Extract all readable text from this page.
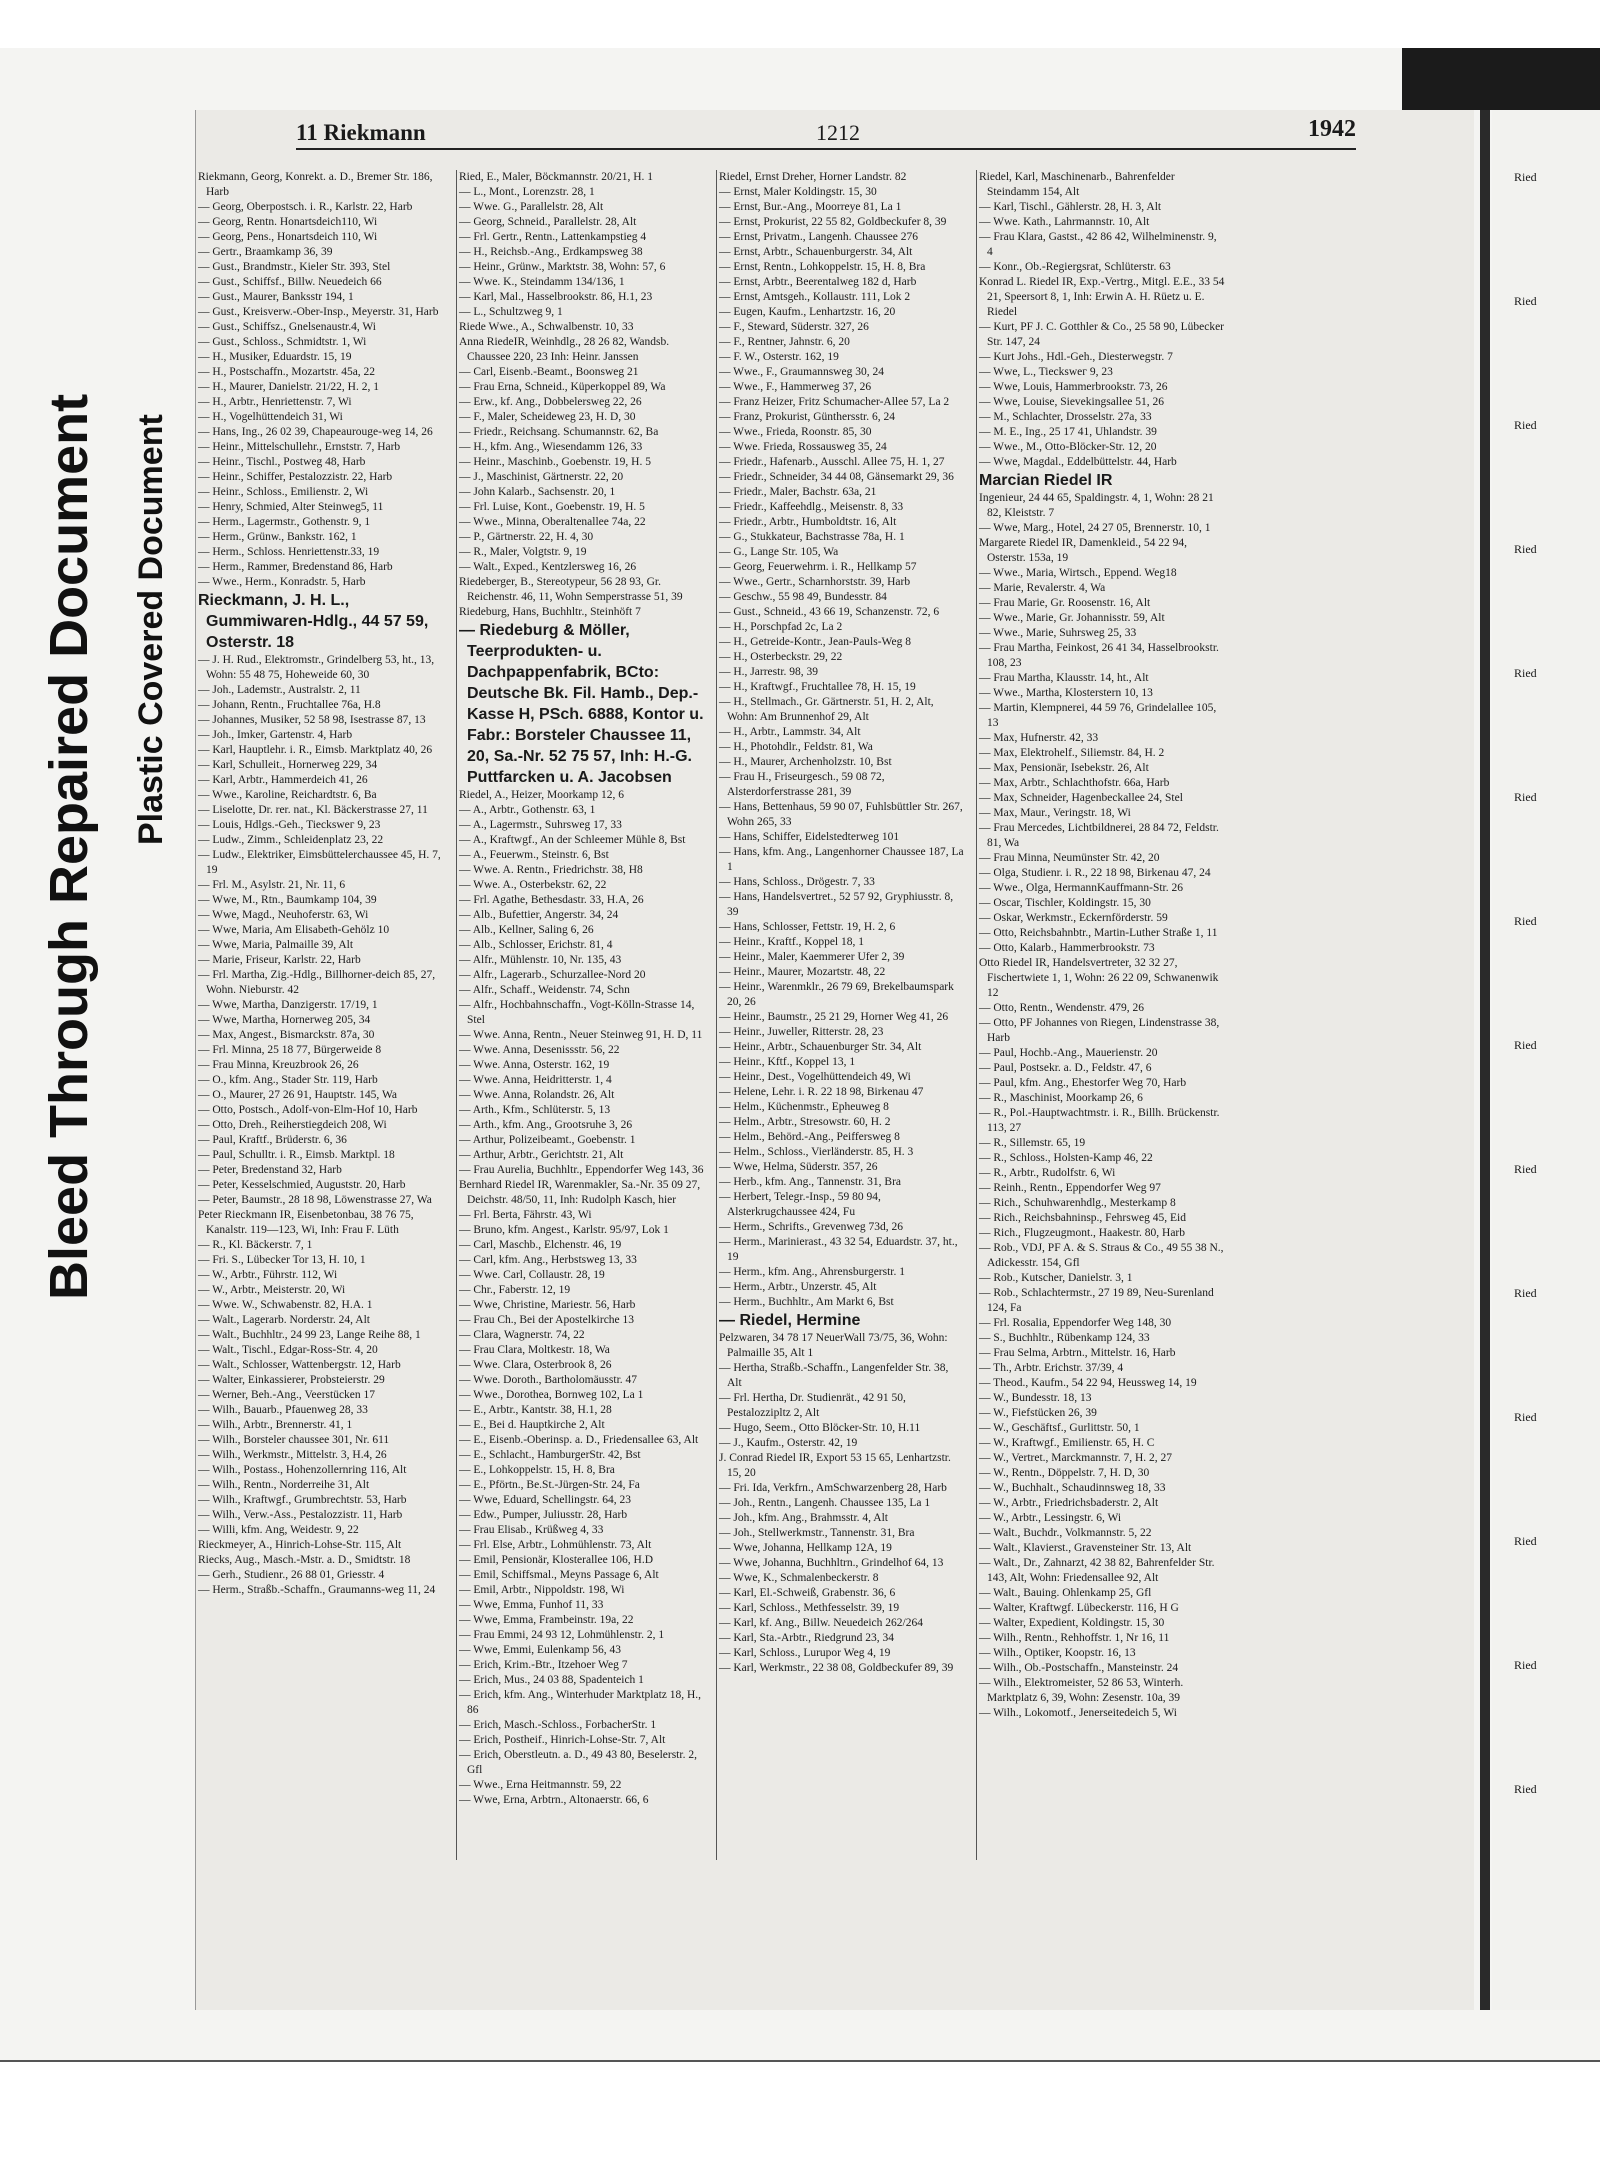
Bleed Through Repaired Document Plastic Covered Document
11 Riekmann	1212	1942
Riekmann, Georg, Konrekt. a. D., Bremer Str. 186, Harb
— Georg, Oberpostsch. i. R., Karlstr. 22, Harb
— Georg, Rentn. Honartsdeich110, Wi
— Georg, Pens., Honartsdeich 110, Wi
— Gertr., Braamkamp 36, 39
— Gust., Brandmstr., Kieler Str. 393, Stel
— Gust., Schiffsf., Billw. Neuedeich 66
— Gust., Maurer, Banksstr 194, 1
— Gust., Kreisverw.-Ober-Insp., Meyerstr. 31, Harb
— Gust., Schiffsz., Gnelsenaustr.4, Wi
— Gust., Schloss., Schmidtstr. 1, Wi
— H., Musiker, Eduardstr. 15, 19
— H., Postschaffn., Mozartstr. 45a, 22
— H., Maurer, Danielstr. 21/22, H. 2, 1
— H., Arbtr., Henriettenstr. 7, Wi
— H., Vogelhüttendeich 31, Wi
— Hans, Ing., 26 02 39, Chapeaurouge-weg 14, 26
— Heinr., Mittelschullehr., Ernststr. 7, Harb
— Heinr., Tischl., Postweg 48, Harb
— Heinr., Schiffer, Pestalozzistr. 22, Harb
— Heinr., Schloss., Emilienstr. 2, Wi
— Henry, Schmied, Alter Steinweg5, 11
— Herm., Lagermstr., Gothenstr. 9, 1
— Herm., Grünw., Bankstr. 162, 1
— Herm., Schloss. Henriettenstr.33, 19
— Herm., Rammer, Bredenstand 86, Harb
— Wwe., Herm., Konradstr. 5, Harb
Rieckmann, J. H. L., Gummiwaren-Hdlg., 44 57 59, Osterstr. 18
— J. H. Rud., Elektromstr., Grindelberg 53, ht., 13, Wohn: 55 48 75, Hoheweide 60, 30
— Joh., Lademstr., Australstr. 2, 11
— Johann, Rentn., Fruchtallee 76a, H.8
— Johannes, Musiker, 52 58 98, Isestrasse 87, 13
— Joh., Imker, Gartenstr. 4, Harb
— Karl, Hauptlehr. i. R., Eimsb. Marktplatz 40, 26
— Karl, Schulleit., Hornerweg 229, 34
— Karl, Arbtr., Hammerdeich 41, 26
— Wwe., Karoline, Reichardtstr. 6, Ba
— Liselotte, Dr. rer. nat., Kl. Bäckerstrasse 27, 11
— Louis, Hdlgs.-Geh., Tieckswег 9, 23
— Ludw., Zimm., Schleidenplatz 23, 22
— Ludw., Elektriker, Eimsbüttelerchaussee 45, H. 7, 19
— Frl. M., Asylstr. 21, Nr. 11, 6
— Wwe, M., Rtn., Baumkamp 104, 39
— Wwe, Magd., Neuhoferstr. 63, Wi
— Wwe, Maria, Am Elisabeth-Gehölz 10
— Wwe, Maria, Palmaille 39, Alt
— Marie, Friseur, Karlstr. 22, Harb
— Frl. Martha, Zig.-Hdlg., Billhorner-deich 85, 27, Wohn. Nieburstr. 42
— Wwe, Martha, Danzigerstr. 17/19, 1
— Wwe, Martha, Hornerweg 205, 34
— Max, Angest., Bismarckstr. 87a, 30
— Frl. Minna, 25 18 77, Bürgerweide 8
— Frau Minna, Kreuzbrook 26, 26
— O., kfm. Ang., Stader Str. 119, Harb
— O., Maurer, 27 26 91, Hauptstr. 145, Wa
— Otto, Postsch., Adolf-von-Elm-Hof 10, Harb
— Otto, Dreh., Reiherstiegdeich 208, Wi
— Paul, Kraftf., Brüderstr. 6, 36
— Paul, Schulltr. i. R., Eimsb. Marktpl. 18
— Peter, Bredenstand 32, Harb
— Peter, Kesselschmied, Auguststr. 20, Harb
— Peter, Baumstr., 28 18 98, Löwenstrasse 27, Wa
Peter Rieckmann IR, Eisenbetonbau, 38 76 75, Kanalstr. 119—123, Wi, Inh: Frau F. Lüth
— R., Kl. Bäckerstr. 7, 1
— Fri. S., Lübecker Tor 13, H. 10, 1
— W., Arbtr., Führstr. 112, Wi
— W., Arbtr., Meisterstr. 20, Wi
— Wwe. W., Schwabenstr. 82, H.A. 1
— Walt., Lagerarb. Norderstr. 24, Alt
— Walt., Buchhltr., 24 99 23, Lange Reihe 88, 1
— Walt., Tischl., Edgar-Ross-Str. 4, 20
— Walt., Schlosser, Wattenbergstr. 12, Harb
— Walter, Einkassierer, Probsteierstr. 29
— Werner, Beh.-Ang., Veerstücken 17
— Wilh., Bauarb., Pfauenweg 28, 33
— Wilh., Arbtr., Brennerstr. 41, 1
— Wilh., Borsteler chaussee 301, Nr. 611
— Wilh., Werkmstr., Mittelstr. 3, H.4, 26
— Wilh., Postass., Hohenzollernring 116, Alt
— Wilh., Rentn., Norderreihe 31, Alt
— Wilh., Kraftwgf., Grumbrechtstr. 53, Harb
— Wilh., Verw.-Ass., Pestalozzistr. 11, Harb
— Willi, kfm. Ang, Weidestr. 9, 22
Rieckmeyer, A., Hinrich-Lohse-Str. 115, Alt
Riecks, Aug., Masch.-Mstr. a. D., Smidtstr. 18
— Gerh., Studienr., 26 88 01, Griesstr. 4
— Herm., Straßb.-Schaffn., Graumanns-weg 11, 24
Ried, E., Maler, Böckmannstr. 20/21, H. 1
— L., Mont., Lorenzstr. 28, 1
— Wwe. G., Parallelstr. 28, Alt
— Georg, Schneid., Parallelstr. 28, Alt
— Frl. Gertr., Rentn., Lattenkampstieg 4
— H., Reichsb.-Ang., Erdkampsweg 38
— Heinr., Grünw., Marktstr. 38, Wohn: 57, 6
— Wwe. K., Steindamm 134/136, 1
— Karl, Mal., Hasselbrookstr. 86, H.1, 23
— L., Schultzweg 9, 1
Riede Wwe., A., Schwalbenstr. 10, 33
Anna RiedeIR, Weinhdlg., 28 26 82, Wandsb. Chaussee 220, 23 Inh: Heinr. Janssen
— Carl, Eisenb.-Beamt., Boonsweg 21
— Frau Erna, Schneid., Küperkoppel 89, Wa
— Erw., kf. Ang., Dobbelersweg 22, 26
— F., Maler, Scheideweg 23, H. D, 30
— Friedr., Reichsang. Schumannstr. 62, Ba
— H., kfm. Ang., Wiesendamm 126, 33
— Heinr., Maschinb., Goebenstr. 19, H. 5
— J., Maschinist, Gärtnerstr. 22, 20
— John Kalarb., Sachsenstr. 20, 1
— Frl. Luise, Kont., Goebenstr. 19, H. 5
— Wwe., Minna, Oberaltenallee 74a, 22
— P., Gärtnerstr. 22, H. 4, 30
— R., Maler, Volgtstr. 9, 19
— Walt., Exped., Kentzlersweg 16, 26
Riedeberger, B., Stereotypeur, 56 28 93, Gr. Reichenstr. 46, 11, Wohn Semperstrasse 51, 39
Riedeburg, Hans, Buchhltr., Steinhöft 7
— Riedeburg & Möller, Teerprodukten- u. Dachpappenfabrik, BCto: Deutsche Bk. Fil. Hamb., Dep.-Kasse H, PSch. 6888, Kontor u. Fabr.: Borsteler Chaussee 11, 20, Sa.-Nr. 52 75 57, Inh: H.-G. Puttfarcken u. A. Jacobsen
Riedel, A., Heizer, Moorkamp 12, 6
— A., Arbtr., Gothenstr. 63, 1
— A., Lagermstr., Suhrsweg 17, 33
— A., Kraftwgf., An der Schleemer Mühle 8, Bst
— A., Feuerwm., Steinstr. 6, Bst
— Wwe. A. Rentn., Friedrichstr. 38, H8
— Wwe. A., Osterbekstr. 62, 22
— Frl. Agathe, Bethesdastr. 33, H.A, 26
— Alb., Bufettier, Angerstr. 34, 24
— Alb., Kellner, Saling 6, 26
— Alb., Schlosser, Erichstr. 81, 4
— Alfr., Mühlenstr. 10, Nr. 135, 43
— Alfr., Lagerarb., Schurzallee-Nord 20
— Alfr., Schaff., Weidenstr. 74, Schn
— Alfr., Hochbahnschaffn., Vogt-Kölln-Strasse 14, Stel
— Wwe. Anna, Rentn., Neuer Steinweg 91, H. D, 11
— Wwe. Anna, Desenissstr. 56, 22
— Wwe. Anna, Osterstr. 162, 19
— Wwe. Anna, Heidritterstr. 1, 4
— Wwe. Anna, Rolandstr. 26, Alt
— Arth., Kfm., Schlüterstr. 5, 13
— Arth., kfm. Ang., Grootsruhe 3, 26
— Arthur, Polizeibeamt., Goebenstr. 1
— Arthur, Arbtr., Gerichtstr. 21, Alt
— Frau Aurelia, Buchhltr., Eppendorfer Weg 143, 36
Bernhard Riedel IR, Warenmakler, Sa.-Nr. 35 09 27, Deichstr. 48/50, 11, Inh: Rudolph Kasch, hier
— Frl. Berta, Fährstr. 43, Wi
— Bruno, kfm. Angest., Karlstr. 95/97, Lok 1
— Carl, Maschb., Elchenstr. 46, 19
— Carl, kfm. Ang., Herbstsweg 13, 33
— Wwe. Carl, Collaustr. 28, 19
— Chr., Faberstr. 12, 19
— Wwe, Christine, Mariestr. 56, Harb
— Frau Ch., Bei der Apostelkirche 13
— Clara, Wagnerstr. 74, 22
— Frau Clara, Moltkestr. 18, Wa
— Wwe. Clara, Osterbrook 8, 26
— Wwe. Doroth., Bartholomäusstr. 47
— Wwe., Dorothea, Bornweg 102, La 1
— E., Arbtr., Kantstr. 38, H.1, 28
— E., Bei d. Hauptkirche 2, Alt
— E., Eisenb.-Oberinsp. a. D., Friedensallee 63, Alt
— E., Schlacht., HamburgerStr. 42, Bst
— E., Lohkoppelstr. 15, H. 8, Bra
— E., Pförtn., Be.St.-Jürgen-Str. 24, Fa
— Wwe, Eduard, Schellingstr. 64, 23
— Edw., Pumper, Juliusstr. 28, Harb
— Frau Elisab., Krüßweg 4, 33
— Frl. Else, Arbtr., Lohmühlenstr. 73, Alt
— Emil, Pensionär, Klosterallee 106, H.D
— Emil, Schiffsmal., Meyns Passage 6, Alt
— Emil, Arbtr., Nippoldstr. 198, Wi
— Wwe, Emma, Funhof 11, 33
— Wwe, Emma, Frambeinstr. 19a, 22
— Frau Emmi, 24 93 12, Lohmühlenstr. 2, 1
— Wwe, Emmi, Eulenkamp 56, 43
— Erich, Krim.-Btr., Itzehoer Weg 7
— Erich, Mus., 24 03 88, Spadenteich 1
— Erich, kfm. Ang., Winterhuder Marktplatz 18, H., 86
— Erich, Masch.-Schloss., ForbacherStr. 1
— Erich, Postheif., Hinrich-Lohse-Str. 7, Alt
— Erich, Oberstleutn. a. D., 49 43 80, Beselerstr. 2, Gfl
— Wwe., Erna Heitmannstr. 59, 22
— Wwe, Erna, Arbtrn., Altonaerstr. 66, 6
Riedel, Ernst Dreher, Horner Landstr. 82
— Ernst, Maler Koldingstr. 15, 30
— Ernst, Bur.-Ang., Moorreye 81, La 1
— Ernst, Prokurist, 22 55 82, Goldbeckufer 8, 39
— Ernst, Privatm., Langenh. Chaussee 276
— Ernst, Arbtr., Schauenburgerstr. 34, Alt
— Ernst, Rentn., Lohkoppelstr. 15, H. 8, Bra
— Ernst, Arbtr., Beerentalweg 182 d, Harb
— Ernst, Amtsgeh., Kollaustr. 111, Lok 2
— Eugen, Kaufm., Lenhartzstr. 16, 20
— F., Steward, Süderstr. 327, 26
— F., Rentner, Jahnstr. 6, 20
— F. W., Osterstr. 162, 19
— Wwe., F., Graumannsweg 30, 24
— Wwe., F., Hammerweg 37, 26
— Franz Heizer, Fritz Schumacher-Allee 57, La 2
— Franz, Prokurist, Günthersstr. 6, 24
— Wwe., Frieda, Roonstr. 85, 30
— Wwe. Frieda, Rossausweg 35, 24
— Friedr., Hafenarb., Ausschl. Allee 75, H. 1, 27
— Friedr., Schneider, 34 44 08, Gänsemarkt 29, 36
— Friedr., Maler, Bachstr. 63a, 21
— Friedr., Kaffeehdlg., Meisenstr. 8, 33
— Friedr., Arbtr., Humboldtstr. 16, Alt
— G., Stukkateur, Bachstrasse 78a, H. 1
— G., Lange Str. 105, Wa
— Georg, Feuerwehrm. i. R., Hellkamp 57
— Wwe., Gertr., Scharnhorststr. 39, Harb
— Geschw., 55 98 49, Bundesstr. 84
— Gust., Schneid., 43 66 19, Schanzenstr. 72, 6
— H., Porschpfad 2c, La 2
— H., Getreide-Kontr., Jean-Pauls-Weg 8
— H., Osterbeckstr. 29, 22
— H., Jarrestr. 98, 39
— H., Kraftwgf., Fruchtallee 78, H. 15, 19
— H., Stellmach., Gr. Gärtnerstr. 51, H. 2, Alt, Wohn: Am Brunnenhof 29, Alt
— H., Arbtr., Lammstr. 34, Alt
— H., Photohdlr., Feldstr. 81, Wa
— H., Maurer, Archenholzstr. 10, Bst
— Frau H., Friseurgesch., 59 08 72, Alsterdorferstrasse 281, 39
— Hans, Bettenhaus, 59 90 07, Fuhlsbüttler Str. 267, Wohn 265, 33
— Hans, Schiffer, Eidelstedterweg 101
— Hans, kfm. Ang., Langenhorner Chaussee 187, La 1
— Hans, Schloss., Drögestr. 7, 33
— Hans, Handelsvertret., 52 57 92, Gryphiusstr. 8, 39
— Hans, Schlosser, Fettstr. 19, H. 2, 6
— Heinr., Kraftf., Koppel 18, 1
— Heinr., Maler, Kaemmerer Ufer 2, 39
— Heinr., Maurer, Mozartstr. 48, 22
— Heinr., Warenmklr., 26 79 69, Brekelbaumspark 20, 26
— Heinr., Baumstr., 25 21 29, Horner Weg 41, 26
— Heinr., Juweller, Ritterstr. 28, 23
— Heinr., Arbtr., Schauenburger Str. 34, Alt
— Heinr., Kftf., Koppel 13, 1
— Heinr., Dest., Vogelhüttendeich 49, Wi
— Helene, Lehr. i. R. 22 18 98, Birkenau 47
— Helm., Küchenmstr., Epheuweg 8
— Helm., Arbtr., Stresowstr. 60, H. 2
— Helm., Behörd.-Ang., Peiffersweg 8
— Helm., Schloss., Vierländerstr. 85, H. 3
— Wwe, Helma, Süderstr. 357, 26
— Herb., kfm. Ang., Tannenstr. 31, Bra
— Herbert, Telegr.-Insp., 59 80 94, Alsterkrugchaussee 424, Fu
— Herm., Schrifts., Grevenweg 73d, 26
— Herm., Marinierast., 43 32 54, Eduardstr. 37, ht., 19
— Herm., kfm. Ang., Ahrensburgerstr. 1
— Herm., Arbtr., Unzerstr. 45, Alt
— Herm., Buchhltr., Am Markt 6, Bst
— Riedel, Hermine
Pelzwaren, 34 78 17 NeuerWall 73/75, 36, Wohn: Palmaille 35, Alt 1
— Hertha, Straßb.-Schaffn., Langenfelder Str. 38, Alt
— Frl. Hertha, Dr. Studienrät., 42 91 50, Pestalozzipltz 2, Alt
— Hugo, Seem., Otto Blöcker-Str. 10, H.11
— J., Kaufm., Osterstr. 42, 19
J. Conrad Riedel IR, Export 53 15 65, Lenhartzstr. 15, 20
— Fri. Ida, Verkfrn., AmSchwarzenberg 28, Harb
— Joh., Rentn., Langenh. Chaussee 135, La 1
— Joh., kfm. Ang., Brahmsstr. 4, Alt
— Joh., Stellwerkmstr., Tannenstr. 31, Bra
— Wwe, Johanna, Hellkamp 12A, 19
— Wwe, Johanna, Buchhltrn., Grindelhof 64, 13
— Wwe, K., Schmalenbeckerstr. 8
— Karl, El.-Schweiß, Grabenstr. 36, 6
— Karl, Schloss., Methfesselstr. 39, 19
— Karl, kf. Ang., Billw. Neuedeich 262/264
— Karl, Sta.-Arbtr., Riedgrund 23, 34
— Karl, Schloss., Lurupor Weg 4, 19
— Karl, Werkmstr., 22 38 08, Goldbeckufer 89, 39
Riedel, Karl, Maschinenarb., Bahrenfelder Steindamm 154, Alt
— Karl, Tischl., Gählerstr. 28, H. 3, Alt
— Wwe. Kath., Lahrmannstr. 10, Alt
— Frau Klara, Gastst., 42 86 42, Wilhelminenstr. 9, 4
— Konr., Ob.-Regiergsrat, Schlüterstr. 63
Konrad L. Riedel IR, Exp.-Vertrg., Mitgl. E.E., 33 54 21, Speersort 8, 1, Inh: Erwin A. H. Rüetz u. E. Riedel
— Kurt, PF J. C. Gotthler & Co., 25 58 90, Lübecker Str. 147, 24
— Kurt Johs., Hdl.-Geh., Diesterwegstr. 7
— Wwe, L., Tieckswег 9, 23
— Wwe, Louis, Hammerbrookstr. 73, 26
— Wwe, Louise, Sievekingsallee 51, 26
— M., Schlachter, Drosselstr. 27a, 33
— M. E., Ing., 25 17 41, Uhlandstr. 39
— Wwe., M., Otto-Blöcker-Str. 12, 20
— Wwe, Magdal., Eddelbüttelstr. 44, Harb
Marcian Riedel IR
Ingenieur, 24 44 65, Spaldingstr. 4, 1, Wohn: 28 21 82, Kleiststr. 7
— Wwe, Marg., Hotel, 24 27 05, Brennerstr. 10, 1
Margarete Riedel IR, Damenkleid., 54 22 94, Osterstr. 153a, 19
— Wwe., Maria, Wirtsch., Eppend. Weg18
— Marie, Revalerstr. 4, Wa
— Frau Marie, Gr. Roosenstr. 16, Alt
— Wwe., Marie, Gr. Johannisstr. 59, Alt
— Wwe., Marie, Suhrsweg 25, 33
— Frau Martha, Feinkost, 26 41 34, Hasselbrookstr. 108, 23
— Frau Martha, Klausstr. 14, ht., Alt
— Wwe., Martha, Klosterstern 10, 13
— Martin, Klempnerei, 44 59 76, Grindelallee 105, 13
— Max, Hufnerstr. 42, 33
— Max, Elektrohelf., Siliemstr. 84, H. 2
— Max, Pensionär, Isebekstr. 26, Alt
— Max, Arbtr., Schlachthofstr. 66a, Harb
— Max, Schneider, Hagenbeckallee 24, Stel
— Max, Maur., Veringstr. 18, Wi
— Frau Mercedes, Lichtbildnerei, 28 84 72, Feldstr. 81, Wa
— Frau Minna, Neumünster Str. 42, 20
— Olga, Studienr. i. R., 22 18 98, Birkenau 47, 24
— Wwe., Olga, HermannKauffmann-Str. 26
— Oscar, Tischler, Koldingstr. 15, 30
— Oskar, Werkmstr., Eckernförderstr. 59
— Otto, Reichsbahnbtr., Martin-Luther Straße 1, 11
— Otto, Kalarb., Hammerbrookstr. 73
Otto Riedel IR, Handelsvertreter, 32 32 27, Fischertwiete 1, 1, Wohn: 26 22 09, Schwanenwik 12
— Otto, Rentn., Wendenstr. 479, 26
— Otto, PF Johannes von Riegen, Lindenstrasse 38, Harb
— Paul, Hochb.-Ang., Mauerienstr. 20
— Paul, Postsekr. a. D., Feldstr. 47, 6
— Paul, kfm. Ang., Ehestorfer Weg 70, Harb
— R., Maschinist, Moorkamp 26, 6
— R., Pol.-Hauptwachtmstr. i. R., Billh. Brückenstr. 113, 27
— R., Sillemstr. 65, 19
— R., Schloss., Holsten-Kamp 46, 22
— R., Arbtr., Rudolfstr. 6, Wi
— Reinh., Rentn., Eppendorfer Weg 97
— Rich., Schuhwarenhdlg., Mesterkamp 8
— Rich., Reichsbahninsp., Fehrsweg 45, Eid
— Rich., Flugzeugmont., Haakestr. 80, Harb
— Rob., VDJ, PF A. & S. Straus & Co., 49 55 38 N., Adickesstr. 154, Gfl
— Rob., Kutscher, Danielstr. 3, 1
— Rob., Schlachtermstr., 27 19 89, Neu-Surenland 124, Fa
— Frl. Rosalia, Eppendorfer Weg 148, 30
— S., Buchhltr., Rübenkamp 124, 33
— Frau Selma, Arbtrn., Mittelstr. 16, Harb
— Th., Arbtr. Erichstr. 37/39, 4
— Theod., Kaufm., 54 22 94, Heussweg 14, 19
— W., Bundesstr. 18, 13
— W., Fiefstücken 26, 39
— W., Geschäftsf., Gurlittstr. 50, 1
— W., Kraftwgf., Emilienstr. 65, H. C
— W., Vertret., Marckmannstr. 7, H. 2, 27
— W., Rentn., Döppelstr. 7, H. D, 30
— W., Buchhalt., Schaudinnsweg 18, 33
— W., Arbtr., Friedrichsbaderstr. 2, Alt
— W., Arbtr., Lessingstr. 6, Wi
— Walt., Buchdr., Volkmannstr. 5, 22
— Walt., Klavierst., Gravensteiner Str. 13, Alt
— Walt., Dr., Zahnarzt, 42 38 82, Bahrenfelder Str. 143, Alt, Wohn: Friedensallee 92, Alt
— Walt., Bauing. Ohlenkamp 25, Gfl
— Walter, Kraftwgf. Lübeckerstr. 116, H G
— Walter, Expedient, Koldingstr. 15, 30
— Wilh., Rentn., Rehhoffstr. 1, Nr 16, 11
— Wilh., Optiker, Koopstr. 16, 13
— Wilh., Ob.-Postschaffn., Mansteinstr. 24
— Wilh., Elektromeister, 52 86 53, Winterh. Marktplatz 6, 39, Wohn: Zesenstr. 10a, 39
— Wilh., Lokomotf., Jenerseitedeich 5, Wi
Ried
Ried
Ried
Ried
Ried
Ried
Ried
Ried
Ried
Ried
Ried
Ried
Ried
Ried
